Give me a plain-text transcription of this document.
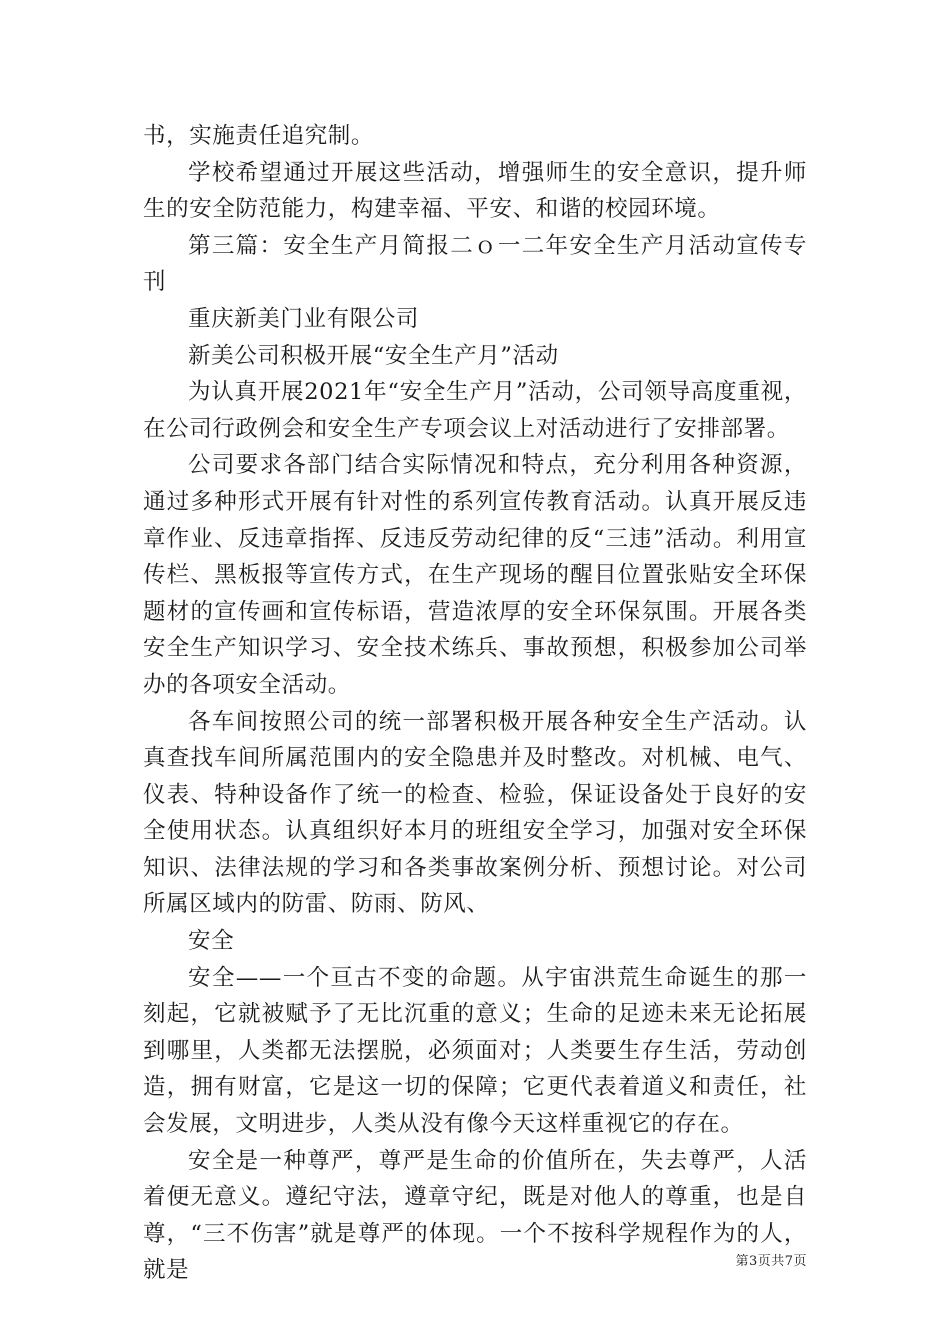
书，实施责任追究制。

学校希望通过开展这些活动，增强师生的安全意识，提升师生的安全防范能力，构建幸福、平安、和谐的校园环境。

第三篇：安全生产月简报二ｏ一二年安全生产月活动宣传专刊

重庆新美门业有限公司

新美公司积极开展“安全生产月”活动

为认真开展2021年“安全生产月”活动，公司领导高度重视，在公司行政例会和安全生产专项会议上对活动进行了安排部署。

公司要求各部门结合实际情况和特点，充分利用各种资源，通过多种形式开展有针对性的系列宣传教育活动。认真开展反违章作业、反违章指挥、反违反劳动纪律的反“三违”活动。利用宣传栏、黑板报等宣传方式，在生产现场的醒目位置张贴安全环保题材的宣传画和宣传标语，营造浓厚的安全环保氛围。开展各类安全生产知识学习、安全技术练兵、事故预想，积极参加公司举办的各项安全活动。

各车间按照公司的统一部署积极开展各种安全生产活动。认真查找车间所属范围内的安全隐患并及时整改。对机械、电气、仪表、特种设备作了统一的检查、检验，保证设备处于良好的安全使用状态。认真组织好本月的班组安全学习，加强对安全环保知识、法律法规的学习和各类事故案例分析、预想讨论。对公司所属区域内的防雷、防雨、防风、

安全

安全——一个亘古不变的命题。从宇宙洪荒生命诞生的那一刻起，它就被赋予了无比沉重的意义；生命的足迹未来无论拓展到哪里，人类都无法摆脱，必须面对；人类要生存生活，劳动创造，拥有财富，它是这一切的保障；它更代表着道义和责任，社会发展，文明进步，人类从没有像今天这样重视它的存在。

安全是一种尊严，尊严是生命的价值所在，失去尊严，人活着便无意义。遵纪守法，遵章守纪，既是对他人的尊重，也是自尊，“三不伤害”就是尊严的体现。一个不按科学规程作为的人，就是	第3页共7页
